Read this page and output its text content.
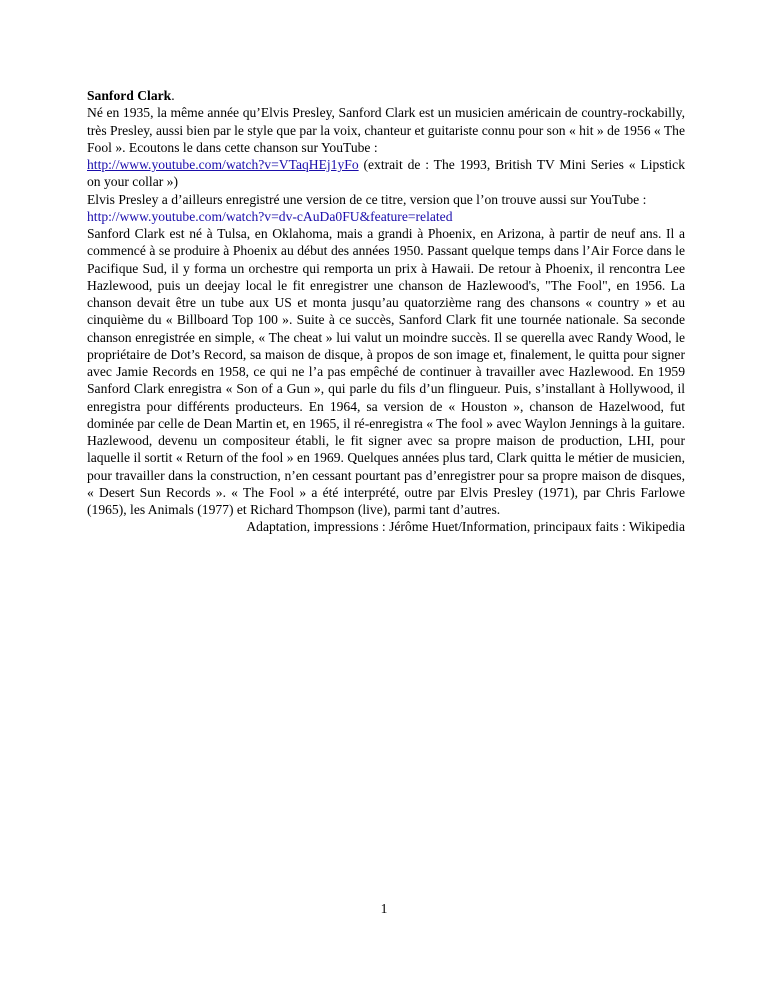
Sanford Clark.
Né en 1935, la même année qu’Elvis Presley, Sanford Clark est un musicien américain de country-rockabilly, très Presley, aussi bien par le style que par la voix, chanteur et guitariste connu pour son « hit » de 1956 « The Fool ». Ecoutons le dans cette chanson sur YouTube :
http://www.youtube.com/watch?v=VTaqHEj1yFo (extrait de : The 1993, British TV Mini Series « Lipstick on your collar »)
Elvis Presley a d’ailleurs enregistré une version de ce titre, version que l’on trouve aussi sur YouTube :
http://www.youtube.com/watch?v=dv-cAuDa0FU&feature=related
Sanford Clark est né à Tulsa, en Oklahoma, mais a grandi à Phoenix, en Arizona, à partir de neuf ans. Il a commencé à se produire à Phoenix au début des années 1950. Passant quelque temps dans l’Air Force dans le Pacifique Sud, il y forma un orchestre qui remporta un prix à Hawaii. De retour à Phoenix, il rencontra Lee Hazlewood, puis un deejay local le fit enregistrer une chanson de Hazlewood's, "The Fool", en 1956. La chanson devait être un tube aux US et monta jusqu’au quatorzième rang des chansons « country » et au cinquième du « Billboard Top 100 ». Suite à ce succès, Sanford Clark fit une tournée nationale. Sa seconde chanson enregistrée en simple, « The cheat » lui valut un moindre succès. Il se querella avec Randy Wood, le propriétaire de Dot’s Record, sa maison de disque, à propos de son image et, finalement, le quitta pour signer avec Jamie Records en 1958, ce qui ne l’a pas empêché de continuer à travailler avec Hazlewood. En 1959 Sanford Clark enregistra « Son of a Gun », qui parle du fils d’un flingueur. Puis, s’installant à Hollywood, il enregistra pour différents producteurs. En 1964, sa version de « Houston », chanson de Hazelwood, fut dominée par celle de Dean Martin et, en 1965, il ré-enregistra « The fool » avec Waylon Jennings à la guitare. Hazlewood, devenu un compositeur établi, le fit signer avec sa propre maison de production, LHI, pour laquelle il sortit « Return of the fool » en 1969. Quelques années plus tard, Clark quitta le métier de musicien, pour travailler dans la construction, n’en cessant pourtant pas d’enregistrer pour sa propre maison de disques, « Desert Sun Records ». « The Fool » a été interprété, outre par Elvis Presley (1971), par Chris Farlowe (1965), les Animals (1977) et Richard Thompson (live), parmi tant d’autres.

Adaptation, impressions : Jérôme Huet/Information, principaux faits : Wikipedia

1
